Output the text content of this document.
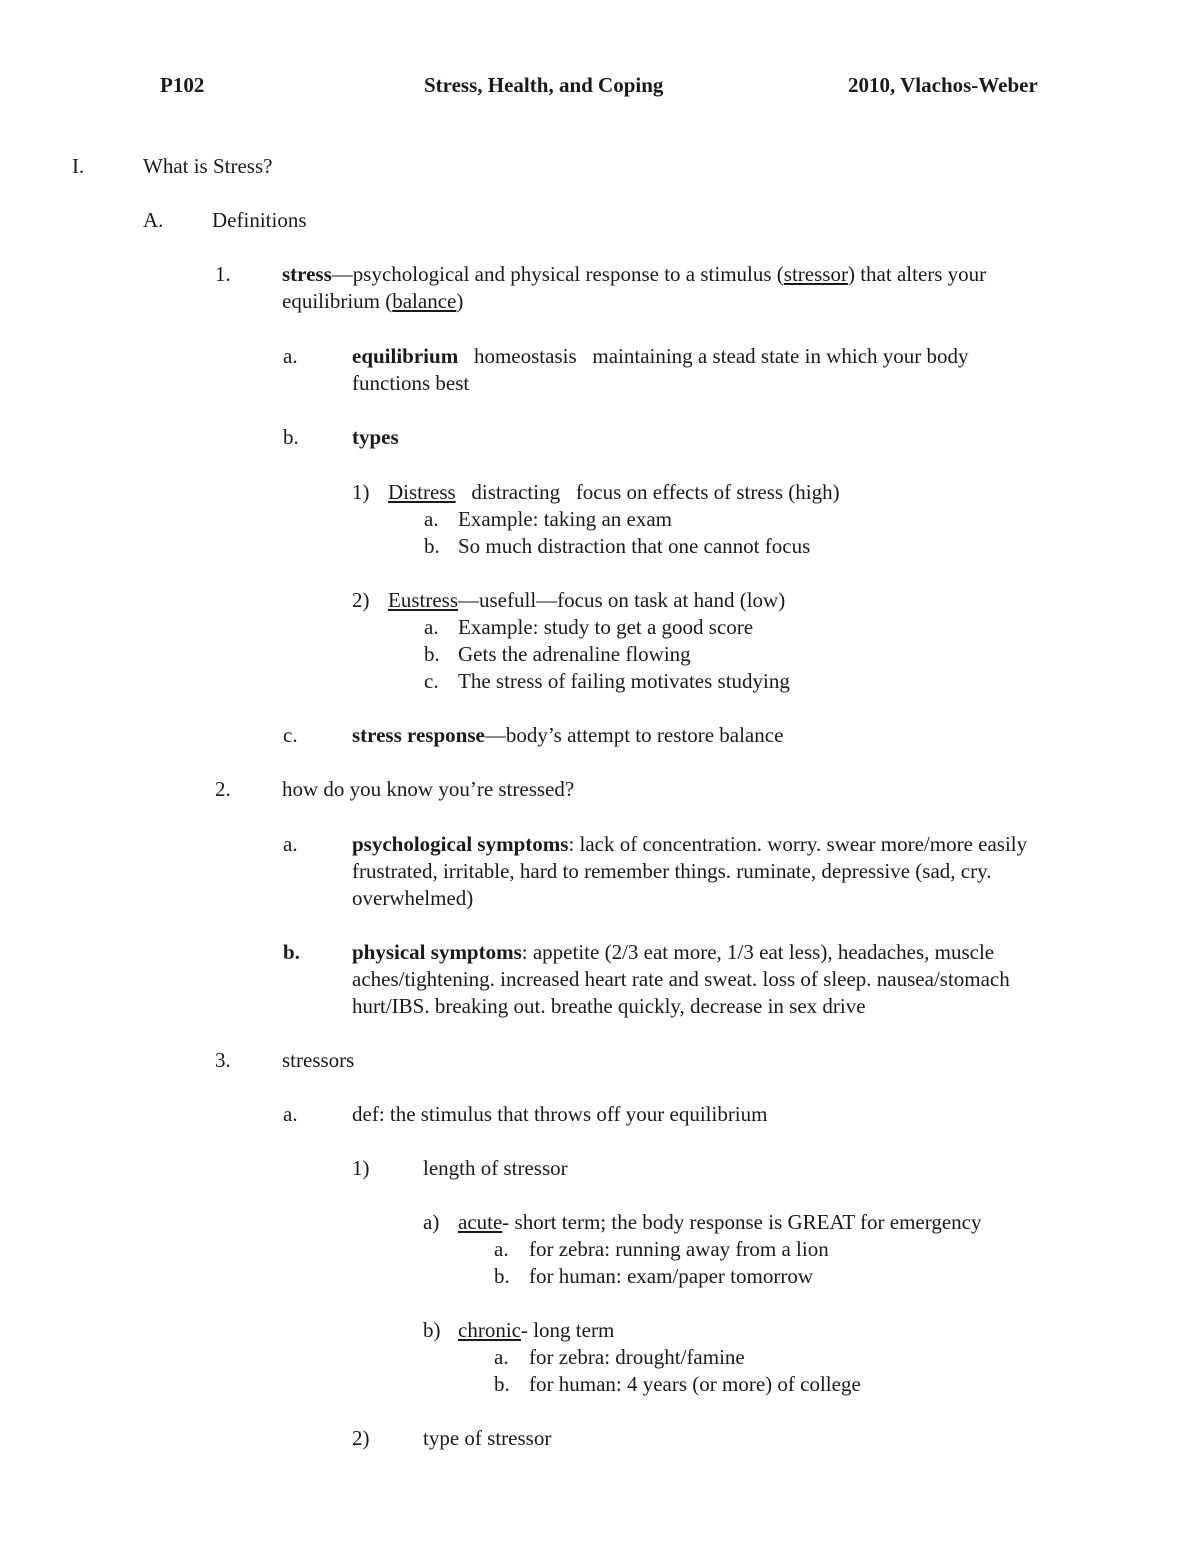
P102	Stress, Health, and Coping	2010, Vlachos-Weber
I.	What is Stress?
A. Definitions
1. stress—psychological and physical response to a stimulus (stressor) that alters your
equilibrium (balance)
a.	equilibrium   homeostasis   maintaining a stead state in which your body
functions best
b.	types
1) Distress   distracting   focus on effects of stress (high)
a. Example: taking an exam
b. So much distraction that one cannot focus
2) Eustress—usefull—focus on task at hand (low)
a. Example: study to get a good score
b. Gets the adrenaline flowing
c. The stress of failing motivates studying
c.	stress response—body’s attempt to restore balance
2. how do you know you’re stressed?
a.	psychological symptoms: lack of concentration. worry. swear more/more easily
frustrated, irritable, hard to remember things. ruminate, depressive (sad, cry.
overwhelmed)
b. physical symptoms: appetite (2/3 eat more, 1/3 eat less), headaches, muscle
aches/tightening. increased heart rate and sweat. loss of sleep. nausea/stomach
hurt/IBS. breaking out. breathe quickly, decrease in sex drive
3. stressors
a.	def: the stimulus that throws off your equilibrium
1)	length of stressor
a) acute- short term; the body response is GREAT for emergency
a. for zebra: running away from a lion
b. for human: exam/paper tomorrow
b) chronic- long term
a. for zebra: drought/famine
b. for human: 4 years (or more) of college
2)	type of stressor
